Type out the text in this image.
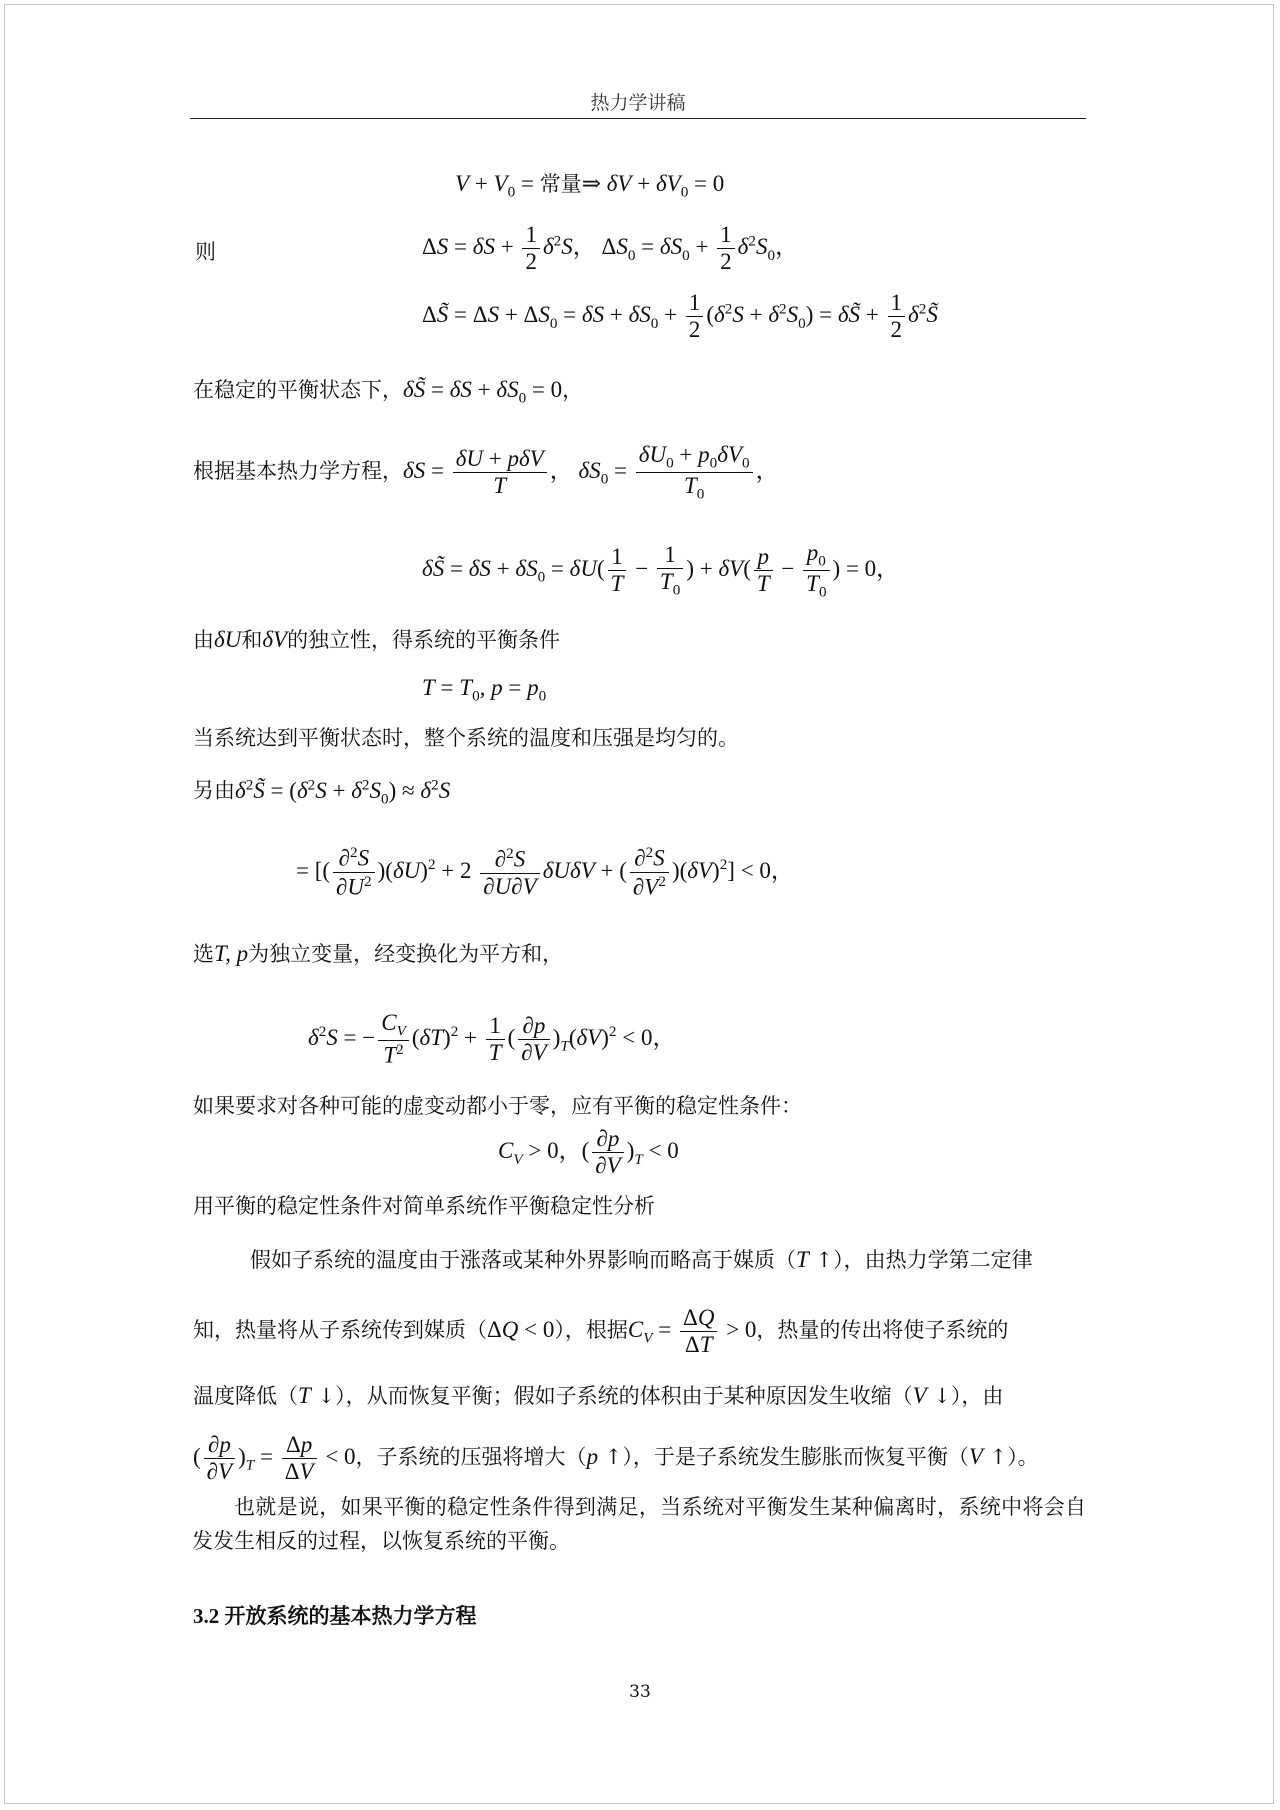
热力学讲稿
$V + V_0$ = 常量⇒ $\delta V + \delta V_0 = 0$
则	$\Delta S = \delta S + \frac{1}{2} \delta^2S$， $\Delta S_0 = \delta S_0 + \frac{1}{2} \delta^2S_0$，
ΔS̃ = $\Delta S + \Delta S_0 = \delta S + \delta S_0 + \frac{1}{2} (\delta^2S + \delta^2S_0)$ = δS̃ + $\frac{1}{2}$ $\delta^2S̃$
在稳定的平衡状态下，δS̃ = $\delta S + \delta S_0 = 0$，
根据基本热力学方程，$\delta S = \frac{\text{δU + pδV}}{T}$ ， $\delta S_0 = \frac{\delta U_0 + p_0\delta V_0}{T_0}$ ，
δS̃ = $\delta S + \delta S_0 = \delta U( \frac{1}{T} - \frac{1}{T_0}$ ) + $\delta V( \frac{p}{T} - \frac{p_0}{T_0}$ ) = 0，
由δU和δV的独立性，得系统的平衡条件
$T = T_0$, $p = p_0$
当系统达到平衡状态时，整个系统的温度和压强是均匀的。
另由$\delta^2S̃ = (\delta^2S + \delta^2S_0) \approx \delta^2S$
= [( $\frac{\partial^2S}{\partial U^2} )(\delta U)^2 + 2 \frac{\partial^2S}{\partial U\partial V}$ δUδV + ( $\frac{\partial^2S}{\partial V^2} )(\delta V)^2] < 0$，
选T, p为独立变量，经变换化为平方和，
$\delta^2S$ = − $\frac{C_V}{T^2} (\delta T)^2 + \frac{1}{T}$ ( $\frac{\partial p}{\partial V} )_T(\delta V)^2 < 0$，
如果要求对各种可能的虚变动都小于零，应有平衡的稳定性条件：
$C_V > 0$，( $\frac{\partial p}{\partial V} )_T < 0$
用平衡的稳定性条件对简单系统作平衡稳定性分析
假如子系统的温度由于涨落或某种外界影响而略高于媒质（T ↑），由热力学第二定律
知，热量将从子系统传到媒质（ΔQ < 0），根据$C_V = \frac{\Delta Q}{\Delta T} > 0$，热量的传出将使子系统的
温度降低（T ↓），从而恢复平衡；假如子系统的体积由于某种原因发生收缩（V ↓），由
( $\frac{\partial p}{\partial V} )_T = \frac{\Delta p}{\Delta V} < 0$，子系统的压强将增大（p ↑），于是子系统发生膨胀而恢复平衡（V ↑）。
也就是说，如果平衡的稳定性条件得到满足，当系统对平衡发生某种偏离时，系统中将会自发发生相反的过程，以恢复系统的平衡。
3.2 开放系统的基本热力学方程
33
